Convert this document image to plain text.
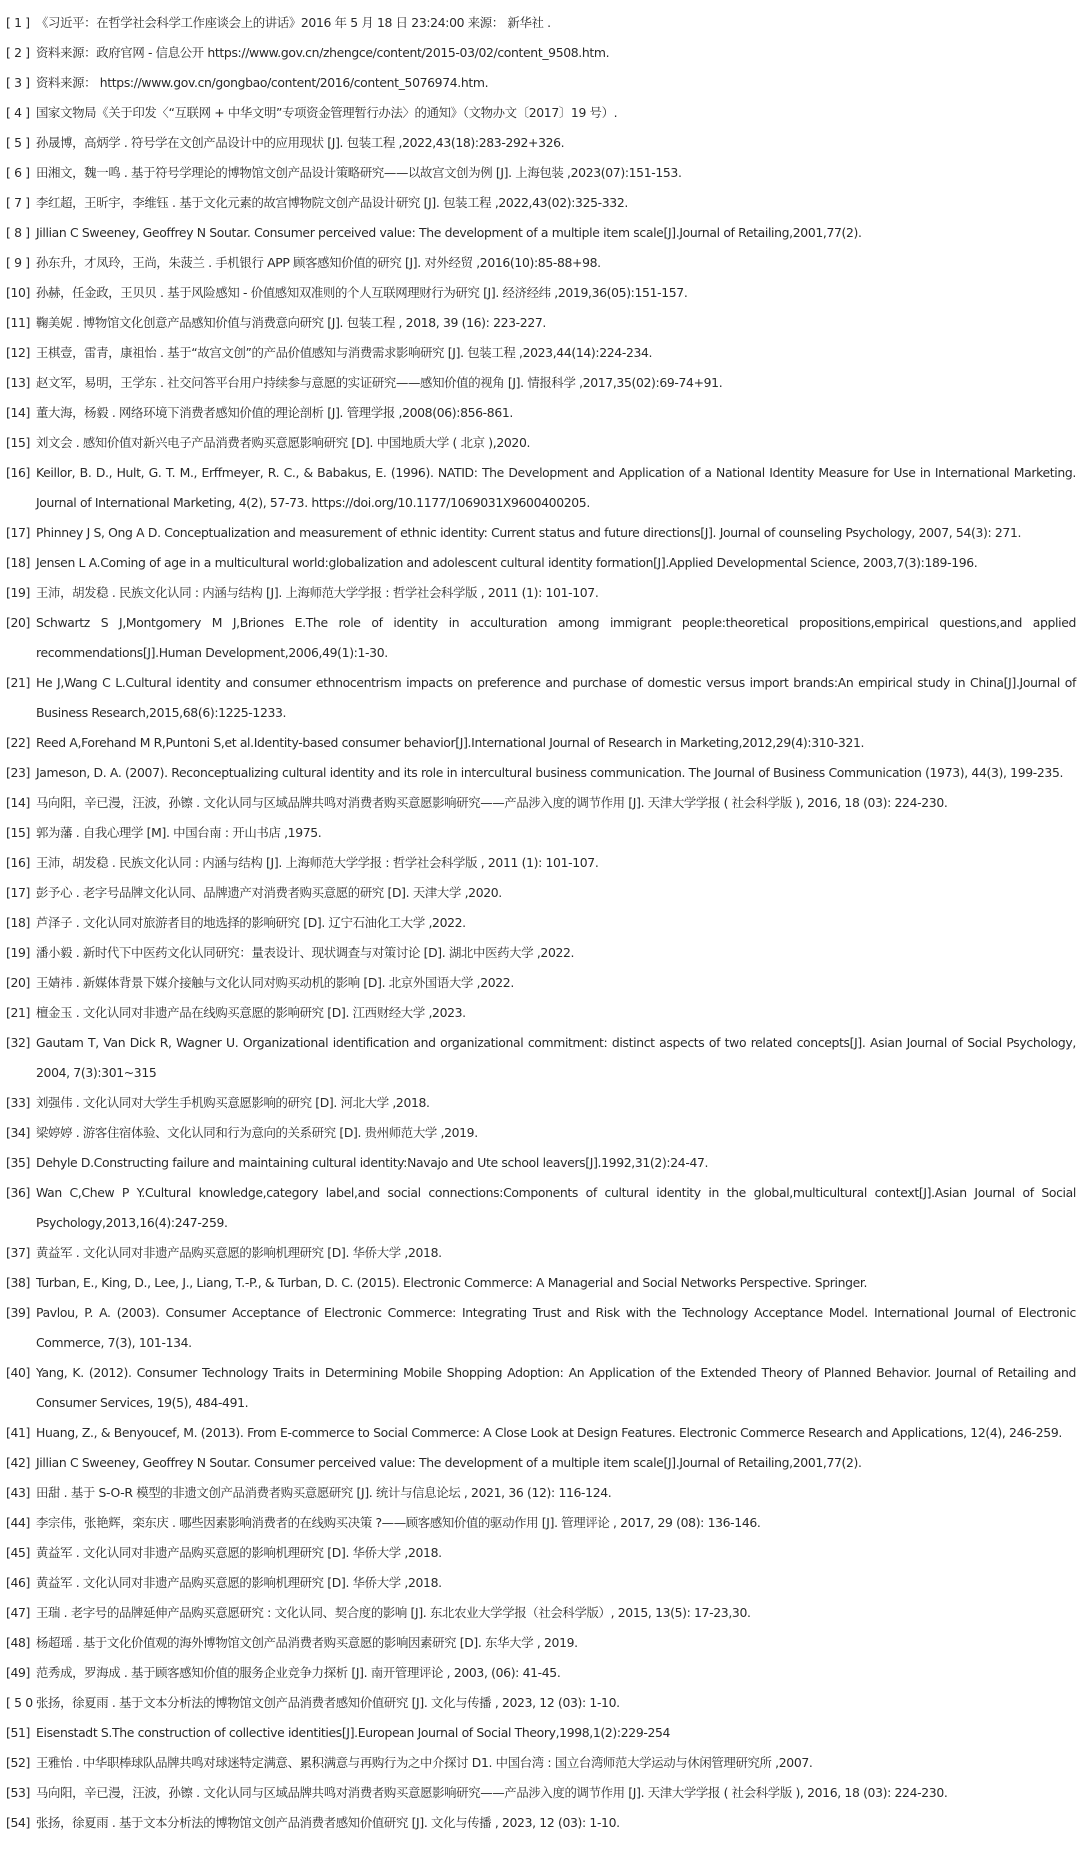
[ 1 ] 《习近平：在哲学社会科学工作座谈会上的讲话》2016 年 5 月 18 日 23:24:00 来源： 新华社 .
[ 2 ] 资料来源：政府官网 - 信息公开 https://www.gov.cn/zhengce/content/2015-03/02/content_9508.htm.
[ 3 ] 资料来源： https://www.gov.cn/gongbao/content/2016/content_5076974.htm.
[ 4 ] 国家文物局《关于印发〈“互联网 + 中华文明”专项资金管理暂行办法〉的通知》（文物办文〔2017〕19 号）.
[ 5 ] 孙晟博，高炳学 . 符号学在文创产品设计中的应用现状 [J]. 包装工程 ,2022,43(18):283-292+326.
[ 6 ] 田湘文，魏一鸣 . 基于符号学理论的博物馆文创产品设计策略研究——以故宫文创为例 [J]. 上海包装 ,2023(07):151-153.
[ 7 ] 李红超，王昕宇，李维钰 . 基于文化元素的故宫博物院文创产品设计研究 [J]. 包装工程 ,2022,43(02):325-332.
[ 8 ] Jillian C Sweeney, Geoffrey N Soutar. Consumer perceived value: The development of a multiple item scale[J].Journal of Retailing,2001,77(2).
[ 9 ] 孙东升，才凤玲，王尚，朱菠兰 . 手机银行 APP 顾客感知价值的研究 [J]. 对外经贸 ,2016(10):85-88+98.
[10] 孙赫，任金政，王贝贝 . 基于风险感知 - 价值感知双准则的个人互联网理财行为研究 [J]. 经济经纬 ,2019,36(05):151-157.
[11] 鞠美妮 . 博物馆文化创意产品感知价值与消费意向研究 [J]. 包装工程 , 2018, 39 (16): 223-227.
[12] 王棋壹，雷青，康祖怡 . 基于“故宫文创”的产品价值感知与消费需求影响研究 [J]. 包装工程 ,2023,44(14):224-234.
[13] 赵文军，易明，王学东 . 社交问答平台用户持续参与意愿的实证研究——感知价值的视角 [J]. 情报科学 ,2017,35(02):69-74+91.
[14] 董大海，杨毅 . 网络环境下消费者感知价值的理论剖析 [J]. 管理学报 ,2008(06):856-861.
[15] 刘文会 . 感知价值对新兴电子产品消费者购买意愿影响研究 [D]. 中国地质大学 ( 北京 ),2020.
[16] Keillor, B. D., Hult, G. T. M., Erffmeyer, R. C., & Babakus, E. (1996). NATID: The Development and Application of a National Identity Measure for Use in International Marketing. Journal of International Marketing, 4(2), 57-73. https://doi.org/10.1177/1069031X9600400205.
[17] Phinney J S, Ong A D. Conceptualization and measurement of ethnic identity: Current status and future directions[J]. Journal of counseling Psychology, 2007, 54(3): 271.
[18] Jensen L A.Coming of age in a multicultural world:globalization and adolescent cultural identity formation[J].Applied Developmental Science, 2003,7(3):189-196.
[19] 王沛，胡发稳 . 民族文化认同 : 内涵与结构 [J]. 上海师范大学学报 : 哲学社会科学版 , 2011 (1): 101-107.
[20] Schwartz S J,Montgomery M J,Briones E.The role of identity in acculturation among immigrant people:theoretical propositions,empirical questions,and applied recommendations[J].Human Development,2006,49(1):1-30.
[21] He J,Wang C L.Cultural identity and consumer ethnocentrism impacts on preference and purchase of domestic versus import brands:An empirical study in China[J].Journal of Business Research,2015,68(6):1225-1233.
[22] Reed A,Forehand M R,Puntoni S,et al.Identity-based consumer behavior[J].International Journal of Research in Marketing,2012,29(4):310-321.
[23] Jameson, D. A. (2007). Reconceptualizing cultural identity and its role in intercultural business communication. The Journal of Business Communication (1973), 44(3), 199-235.
[14] 马向阳，辛已漫，汪波，孙镲 . 文化认同与区域品牌共鸣对消费者购买意愿影响研究——产品涉入度的调节作用 [J]. 天津大学学报 ( 社会科学版 ), 2016, 18 (03): 224-230.
[15] 郭为藩 . 自我心理学 [M]. 中国台南 : 开山书店 ,1975.
[16] 王沛，胡发稳 . 民族文化认同 : 内涵与结构 [J]. 上海师范大学学报 : 哲学社会科学版 , 2011 (1): 101-107.
[17] 彭予心 . 老字号品牌文化认同、品牌遗产对消费者购买意愿的研究 [D]. 天津大学 ,2020.
[18] 芦泽子 . 文化认同对旅游者目的地选择的影响研究 [D]. 辽宁石油化工大学 ,2022.
[19] 潘小毅 . 新时代下中医药文化认同研究：量表设计、现状调查与对策讨论 [D]. 湖北中医药大学 ,2022.
[20] 王婧祎 . 新媒体背景下媒介接触与文化认同对购买动机的影响 [D]. 北京外国语大学 ,2022.
[21] 檀金玉 . 文化认同对非遗产品在线购买意愿的影响研究 [D]. 江西财经大学 ,2023.
[32] Gautam T, Van Dick R, Wagner U. Organizational identification and organizational commitment: distinct aspects of two related concepts[J]. Asian Journal of Social Psychology, 2004, 7(3):301~315
[33] 刘强伟 . 文化认同对大学生手机购买意愿影响的研究 [D]. 河北大学 ,2018.
[34] 梁婷婷 . 游客住宿体验、文化认同和行为意向的关系研究 [D]. 贵州师范大学 ,2019.
[35] Dehyle D.Constructing failure and maintaining cultural identity:Navajo and Ute school leavers[J].1992,31(2):24-47.
[36] Wan C,Chew P Y.Cultural knowledge,category label,and social connections:Components of cultural identity in the global,multicultural context[J].Asian Journal of Social Psychology,2013,16(4):247-259.
[37] 黄益军 . 文化认同对非遗产品购买意愿的影响机理研究 [D]. 华侨大学 ,2018.
[38] Turban, E., King, D., Lee, J., Liang, T.-P., & Turban, D. C. (2015). Electronic Commerce: A Managerial and Social Networks Perspective. Springer.
[39] Pavlou, P. A. (2003). Consumer Acceptance of Electronic Commerce: Integrating Trust and Risk with the Technology Acceptance Model. International Journal of Electronic Commerce, 7(3), 101-134.
[40] Yang, K. (2012). Consumer Technology Traits in Determining Mobile Shopping Adoption: An Application of the Extended Theory of Planned Behavior. Journal of Retailing and Consumer Services, 19(5), 484-491.
[41] Huang, Z., & Benyoucef, M. (2013). From E-commerce to Social Commerce: A Close Look at Design Features. Electronic Commerce Research and Applications, 12(4), 246-259.
[42] Jillian C Sweeney, Geoffrey N Soutar. Consumer perceived value: The development of a multiple item scale[J].Journal of Retailing,2001,77(2).
[43] 田甜 . 基于 S-O-R 模型的非遗文创产品消费者购买意愿研究 [J]. 统计与信息论坛 , 2021, 36 (12): 116-124.
[44] 李宗伟，张艳辉，栾东庆 . 哪些因素影响消费者的在线购买决策 ?——顾客感知价值的驱动作用 [J]. 管理评论 , 2017, 29 (08): 136-146.
[45] 黄益军 . 文化认同对非遗产品购买意愿的影响机理研究 [D]. 华侨大学 ,2018.
[46] 黄益军 . 文化认同对非遗产品购买意愿的影响机理研究 [D]. 华侨大学 ,2018.
[47] 王瑞 . 老字号的品牌延伸产品购买意愿研究 : 文化认同、契合度的影响 [J]. 东北农业大学学报（社会科学版）, 2015, 13(5): 17-23,30.
[48] 杨超瑶 . 基于文化价值观的海外博物馆文创产品消费者购买意愿的影响因素研究 [D]. 东华大学 , 2019.
[49] 范秀成，罗海成 . 基于顾客感知价值的服务企业竞争力探析 [J]. 南开管理评论 , 2003, (06): 41-45.
[ 5 0 张扬，徐夏雨 . 基于文本分析法的博物馆文创产品消费者感知价值研究 [J]. 文化与传播 , 2023, 12 (03): 1-10.
[51] Eisenstadt S.The construction of collective identities[J].European Journal of Social Theory,1998,1(2):229-254
[52] 王雅怡 . 中华职棒球队品牌共鸣对球迷特定满意、累积满意与再购行为之中介探讨 D1. 中国台湾 : 国立台湾师范大学运动与休闲管理研究所 ,2007.
[53] 马向阳，辛已漫，汪波，孙镲 . 文化认同与区域品牌共鸣对消费者购买意愿影响研究——产品涉入度的调节作用 [J]. 天津大学学报 ( 社会科学版 ), 2016, 18 (03): 224-230.
[54] 张扬，徐夏雨 . 基于文本分析法的博物馆文创产品消费者感知价值研究 [J]. 文化与传播 , 2023, 12 (03): 1-10.
